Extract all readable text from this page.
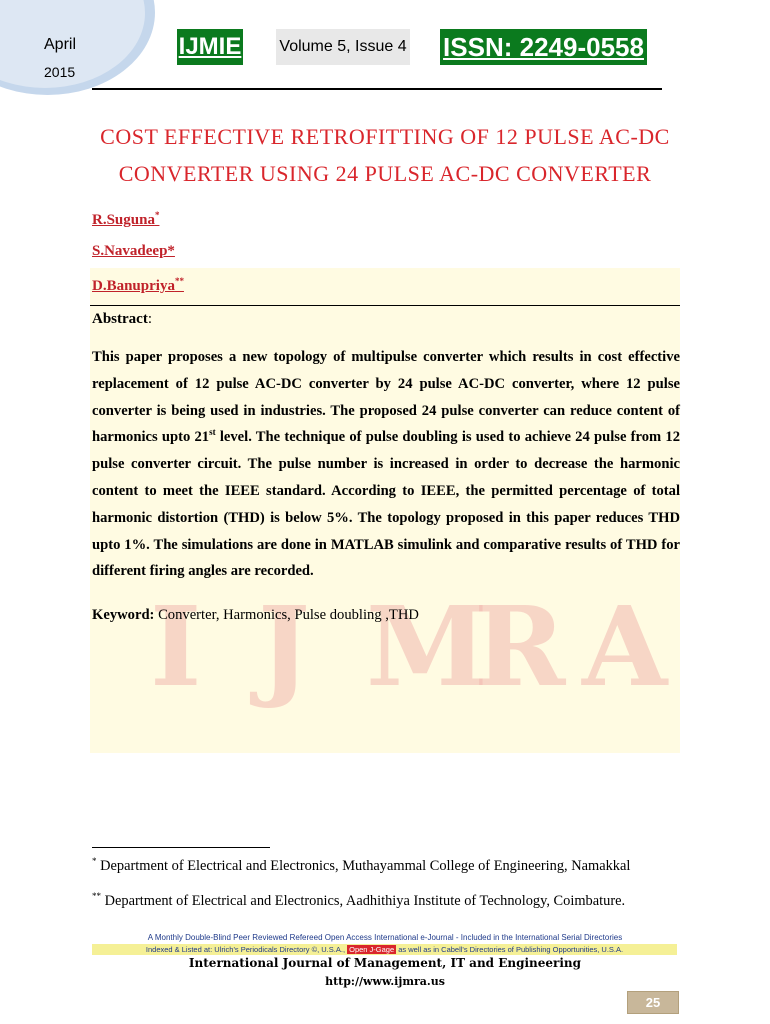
April
2015
IJMIE Volume 5, Issue 4 ISSN: 2249-0558
COST EFFECTIVE RETROFITTING OF 12 PULSE AC-DC
CONVERTER USING 24 PULSE AC-DC CONVERTER
I J M
R A
R.Suguna*
S.Navadeep*
D.Banupriya**
Abstract:
This paper proposes a new topology of multipulse converter which results in cost effective replacement of 12 pulse AC-DC converter by 24 pulse AC-DC converter, where 12 pulse converter is being used in industries. The proposed 24 pulse converter can reduce content of harmonics upto 21st level. The technique of pulse doubling is used to achieve 24 pulse from 12 pulse converter circuit. The pulse number is increased in order to decrease the harmonic content to meet the IEEE standard. According to IEEE, the permitted percentage of total harmonic distortion (THD) is below 5%. The topology proposed in this paper reduces THD upto 1%. The simulations are done in MATLAB simulink and comparative results of THD for different firing angles are recorded.
Keyword: Converter, Harmonics, Pulse doubling ,THD
* Department of Electrical and Electronics, Muthayammal College of Engineering, Namakkal
** Department of Electrical and Electronics, Aadhithiya Institute of Technology, Coimbature.
A Monthly Double-Blind Peer Reviewed Refereed Open Access International e-Journal - Included in the International Serial Directories
Indexed & Listed at: Ulrich's Periodicals Directory ©, U.S.A., Open J-Gage as well as in Cabell's Directories of Publishing Opportunities, U.S.A.
International Journal of Management, IT and Engineering
http://www.ijmra.us
25
